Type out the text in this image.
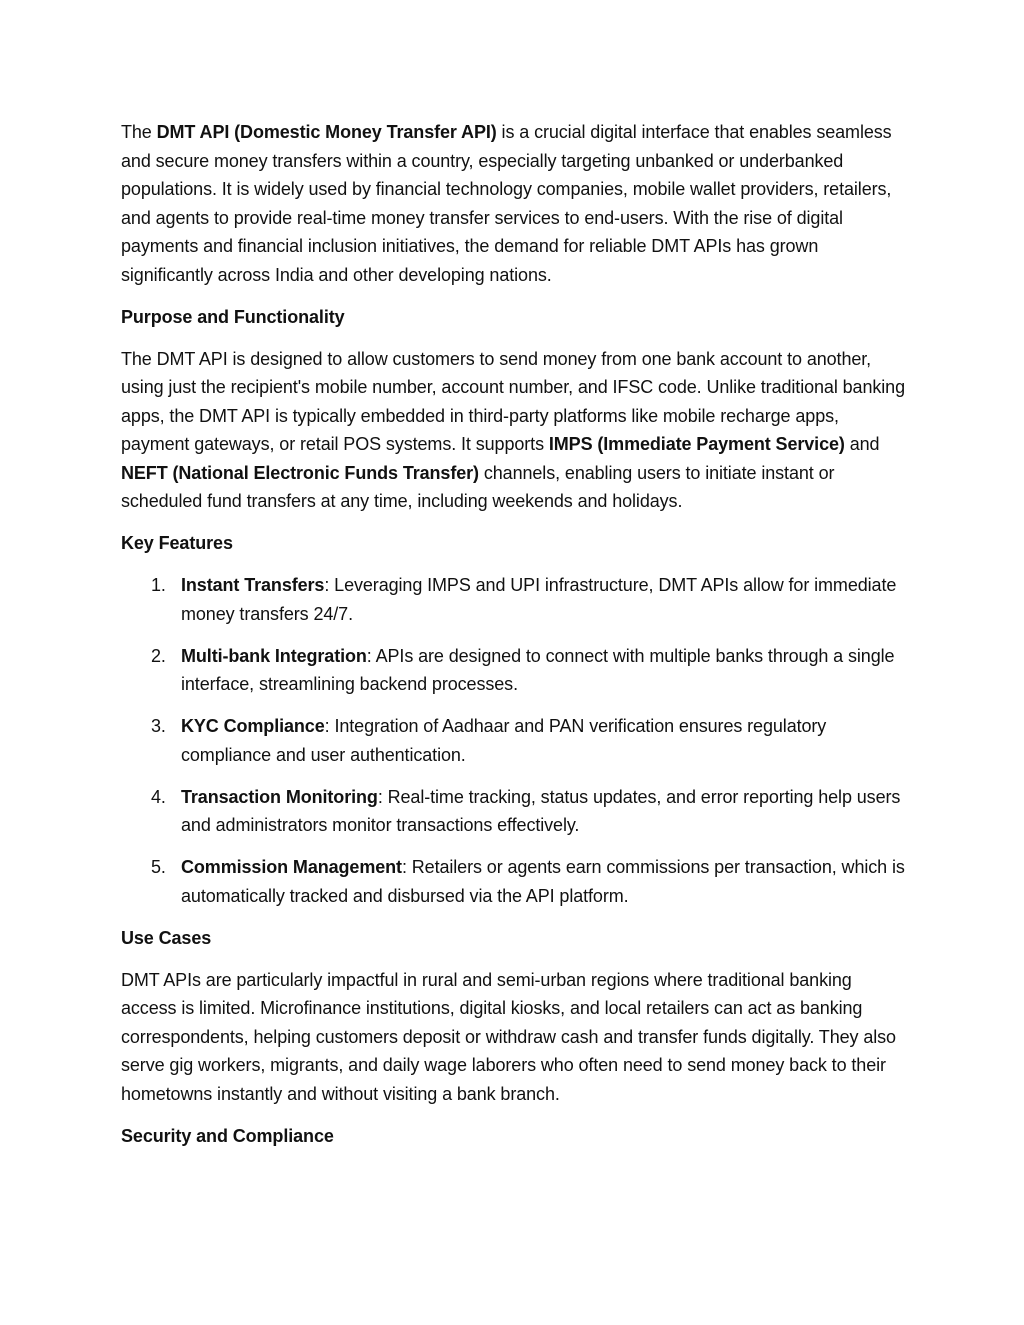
The DMT API (Domestic Money Transfer API) is a crucial digital interface that enables seamless and secure money transfers within a country, especially targeting unbanked or underbanked populations. It is widely used by financial technology companies, mobile wallet providers, retailers, and agents to provide real-time money transfer services to end-users. With the rise of digital payments and financial inclusion initiatives, the demand for reliable DMT APIs has grown significantly across India and other developing nations.

Purpose and Functionality

The DMT API is designed to allow customers to send money from one bank account to another, using just the recipient's mobile number, account number, and IFSC code. Unlike traditional banking apps, the DMT API is typically embedded in third-party platforms like mobile recharge apps, payment gateways, or retail POS systems. It supports IMPS (Immediate Payment Service) and NEFT (National Electronic Funds Transfer) channels, enabling users to initiate instant or scheduled fund transfers at any time, including weekends and holidays.

Key Features
1. Instant Transfers: Leveraging IMPS and UPI infrastructure, DMT APIs allow for immediate money transfers 24/7.
2. Multi-bank Integration: APIs are designed to connect with multiple banks through a single interface, streamlining backend processes.
3. KYC Compliance: Integration of Aadhaar and PAN verification ensures regulatory compliance and user authentication.
4. Transaction Monitoring: Real-time tracking, status updates, and error reporting help users and administrators monitor transactions effectively.
5. Commission Management: Retailers or agents earn commissions per transaction, which is automatically tracked and disbursed via the API platform.
Use Cases

DMT APIs are particularly impactful in rural and semi-urban regions where traditional banking access is limited. Microfinance institutions, digital kiosks, and local retailers can act as banking correspondents, helping customers deposit or withdraw cash and transfer funds digitally. They also serve gig workers, migrants, and daily wage laborers who often need to send money back to their hometowns instantly and without visiting a bank branch.

Security and Compliance
